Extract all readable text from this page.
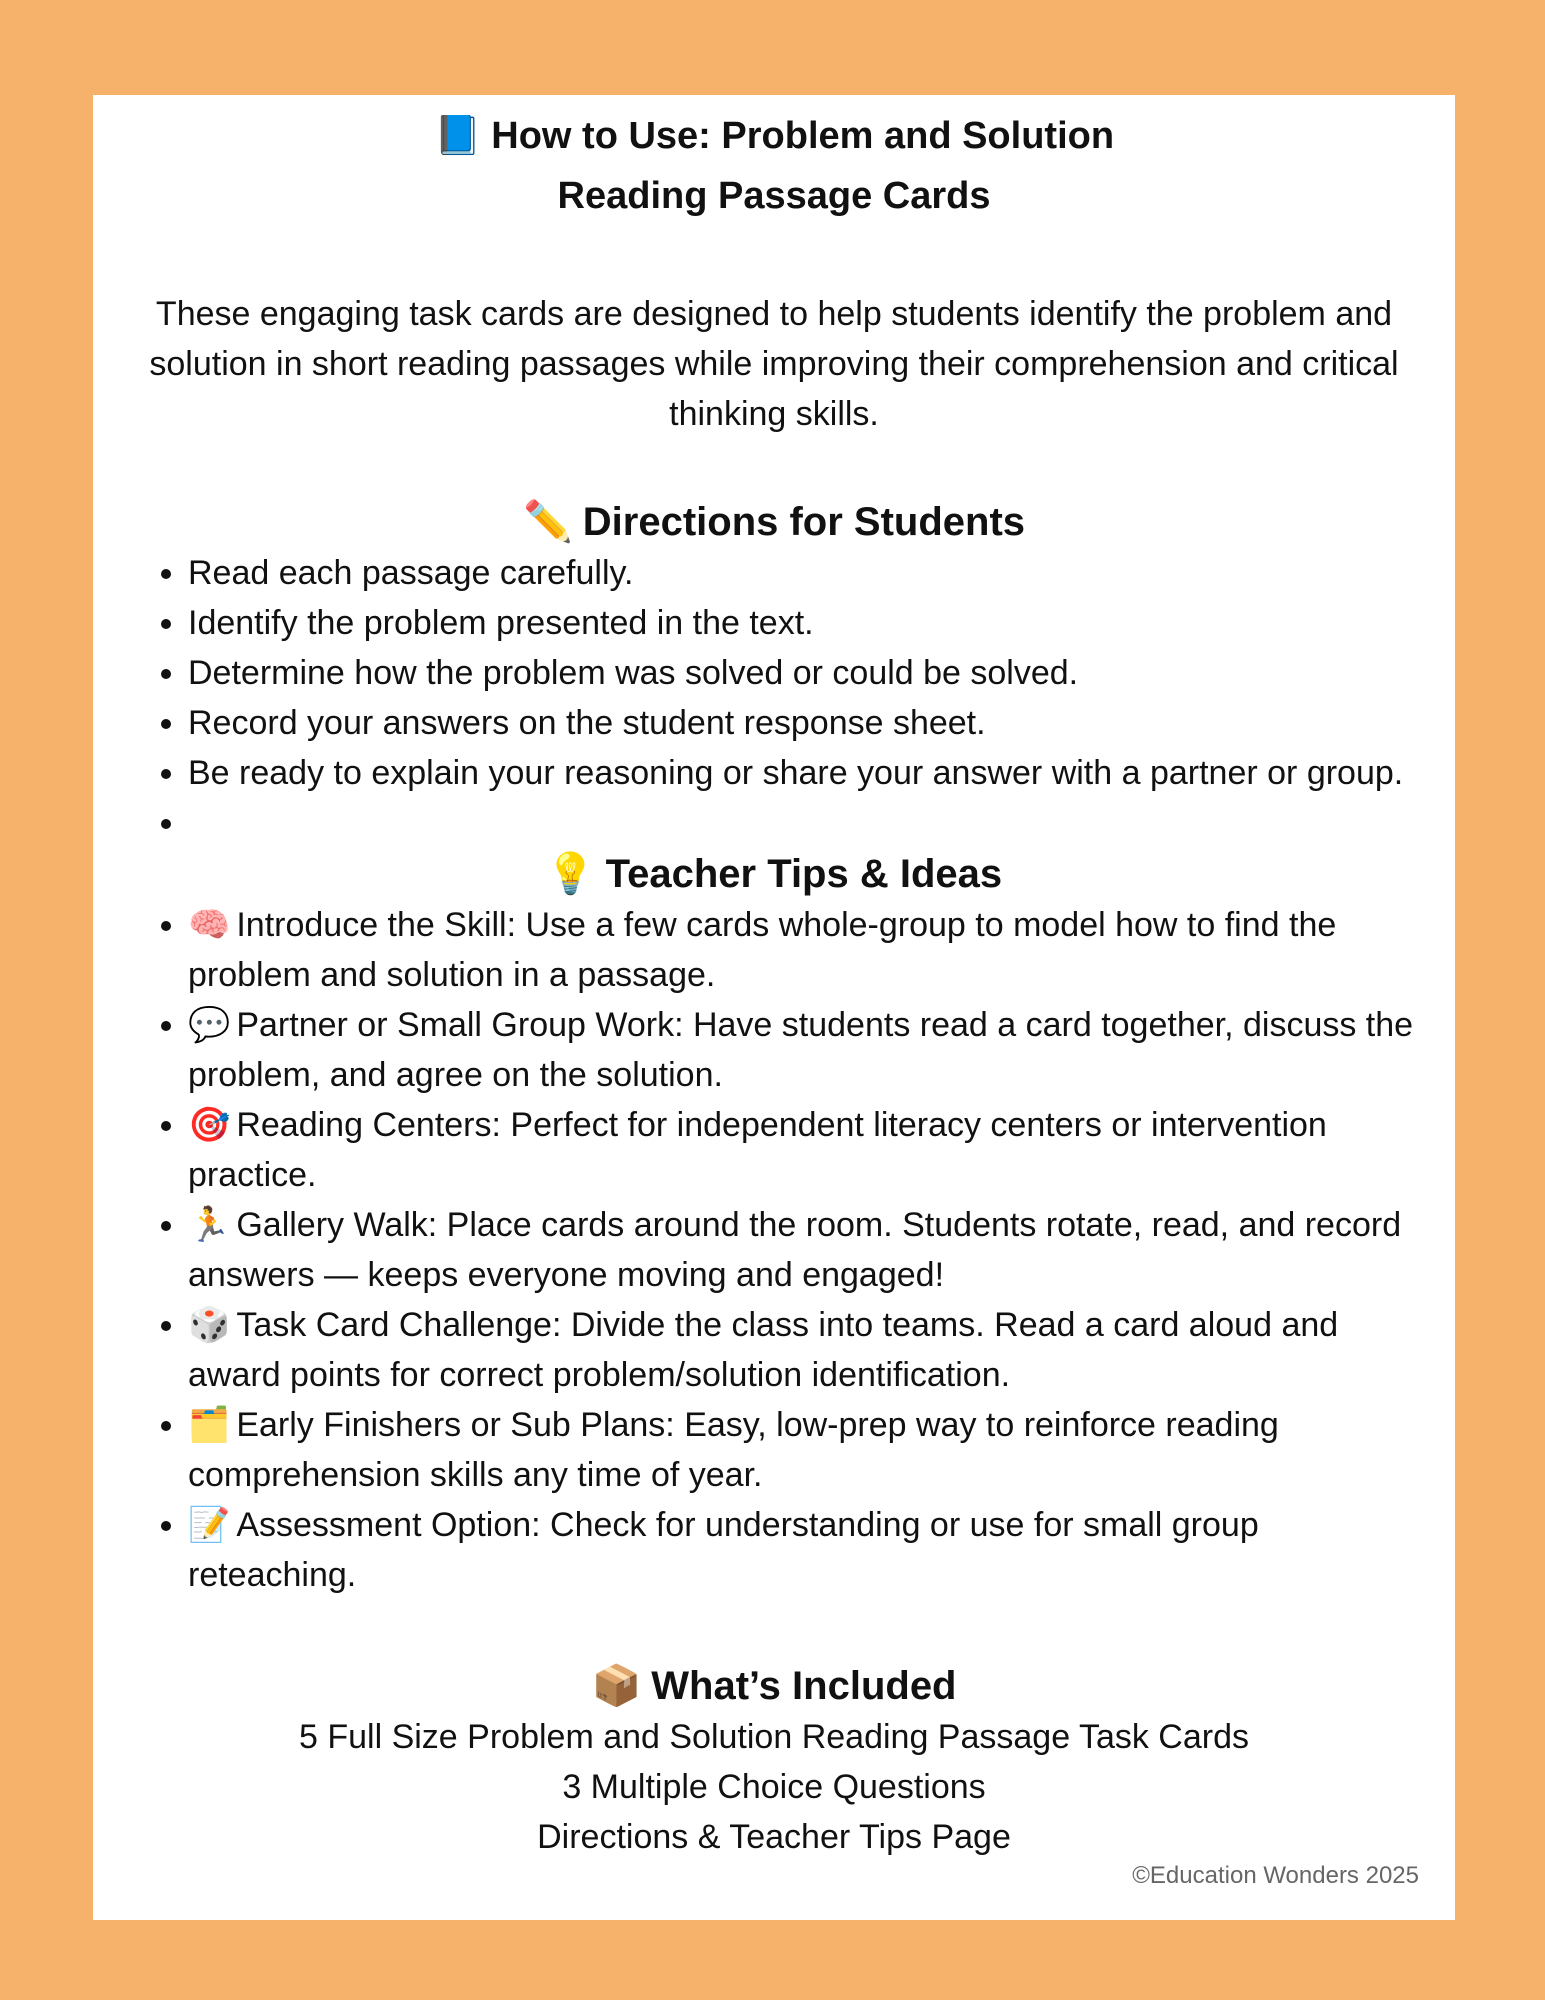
📘 How to Use: Problem and Solution
Reading Passage Cards
These engaging task cards are designed to help students identify the problem and solution in short reading passages while improving their comprehension and critical thinking skills.
✏️ Directions for Students
• Read each passage carefully.
• Identify the problem presented in the text.
• Determine how the problem was solved or could be solved.
• Record your answers on the student response sheet.
• Be ready to explain your reasoning or share your answer with a partner or group.
•
💡 Teacher Tips & Ideas
• 🧠 Introduce the Skill: Use a few cards whole-group to model how to find the problem and solution in a passage.
• 💬 Partner or Small Group Work: Have students read a card together, discuss the problem, and agree on the solution.
• 🎯 Reading Centers: Perfect for independent literacy centers or intervention practice.
• 🏃 Gallery Walk: Place cards around the room. Students rotate, read, and record answers — keeps everyone moving and engaged!
• 🎲 Task Card Challenge: Divide the class into teams. Read a card aloud and award points for correct problem/solution identification.
• 🗂️ Early Finishers or Sub Plans: Easy, low-prep way to reinforce reading comprehension skills any time of year.
• 📝 Assessment Option: Check for understanding or use for small group reteaching.
📦 What’s Included
5 Full Size Problem and Solution Reading Passage Task Cards
3 Multiple Choice Questions
Directions & Teacher Tips Page
©Education Wonders 2025
